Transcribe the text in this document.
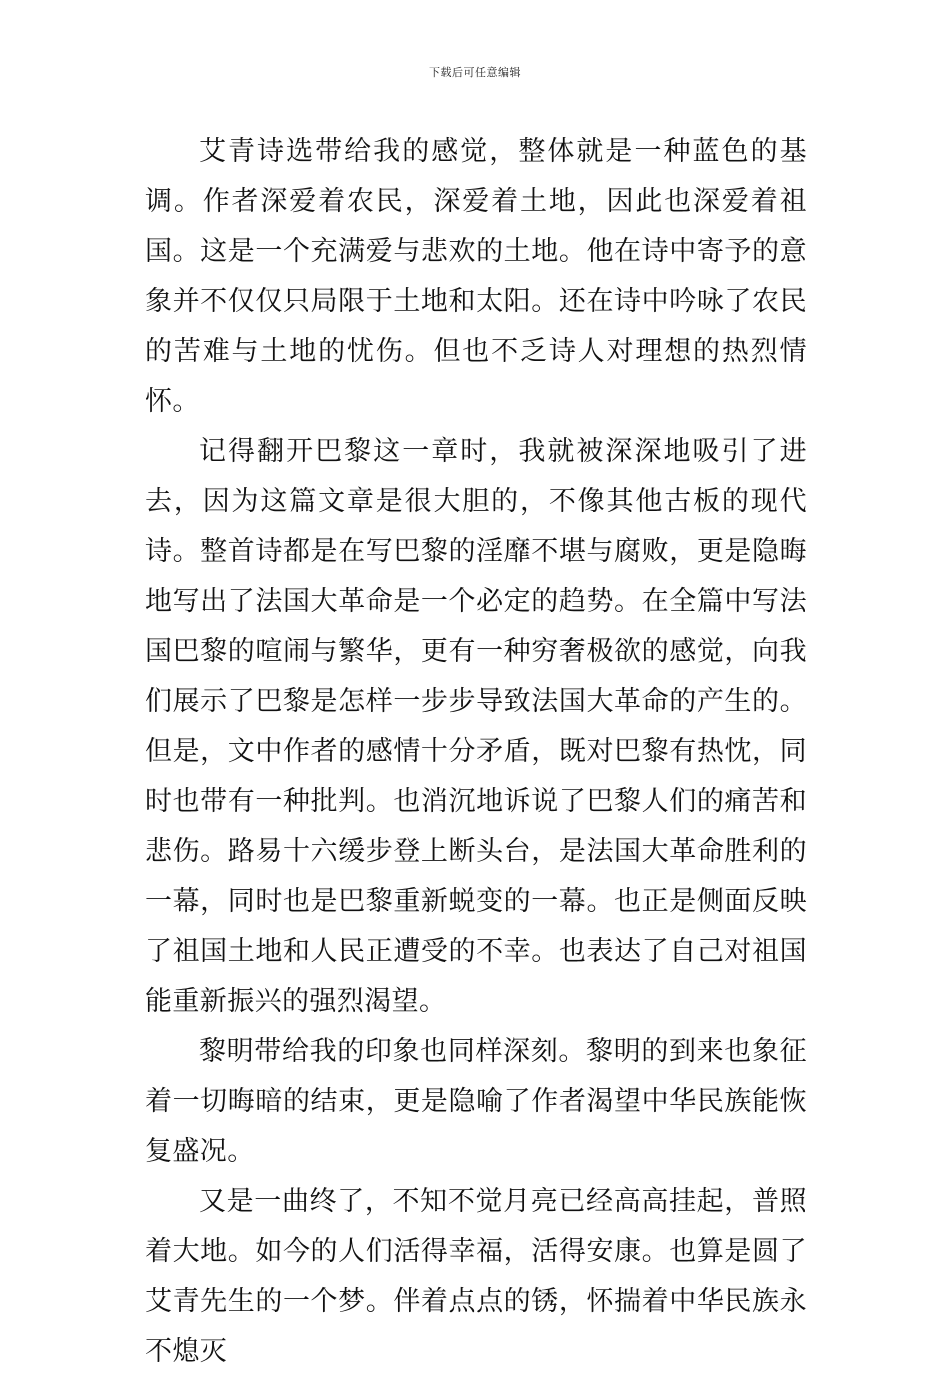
下载后可任意编辑

艾青诗选带给我的感觉，整体就是一种蓝色的基调。作者深爱着农民，深爱着土地，因此也深爱着祖国。这是一个充满爱与悲欢的土地。他在诗中寄予的意象并不仅仅只局限于土地和太阳。还在诗中吟咏了农民的苦难与土地的忧伤。但也不乏诗人对理想的热烈情怀。

记得翻开巴黎这一章时，我就被深深地吸引了进去，因为这篇文章是很大胆的，不像其他古板的现代诗。整首诗都是在写巴黎的淫靡不堪与腐败，更是隐晦地写出了法国大革命是一个必定的趋势。在全篇中写法国巴黎的喧闹与繁华，更有一种穷奢极欲的感觉，向我们展示了巴黎是怎样一步步导致法国大革命的产生的。但是，文中作者的感情十分矛盾，既对巴黎有热忱，同时也带有一种批判。也消沉地诉说了巴黎人们的痛苦和悲伤。路易十六缓步登上断头台，是法国大革命胜利的一幕，同时也是巴黎重新蜕变的一幕。也正是侧面反映了祖国土地和人民正遭受的不幸。也表达了自己对祖国能重新振兴的强烈渴望。

黎明带给我的印象也同样深刻。黎明的到来也象征着一切晦暗的结束，更是隐喻了作者渴望中华民族能恢复盛况。

又是一曲终了，不知不觉月亮已经高高挂起，普照着大地。如今的人们活得幸福，活得安康。也算是圆了艾青先生的一个梦。伴着点点的锈，怀揣着中华民族永不熄灭
